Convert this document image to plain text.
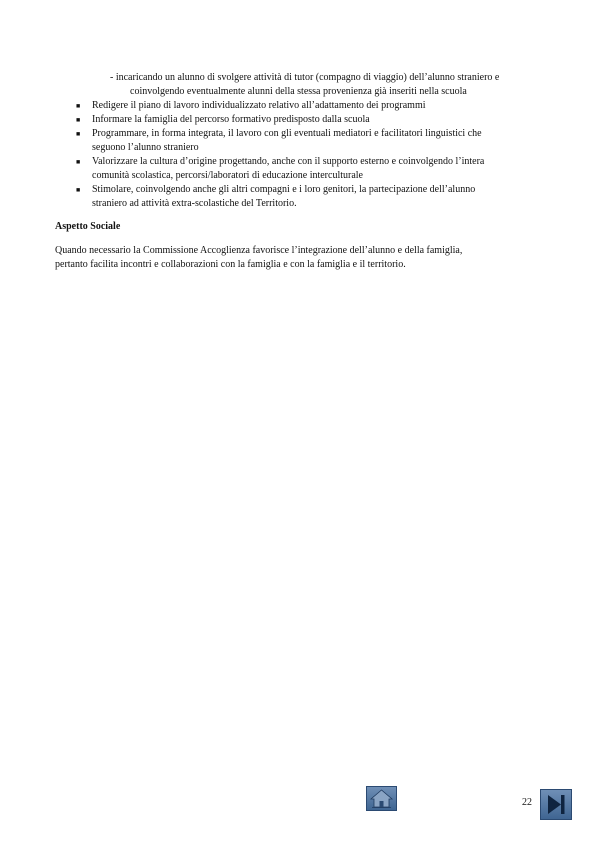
- incaricando un alunno di svolgere attività di tutor (compagno di viaggio) dell’alunno straniero e
coinvolgendo eventualmente alunni della stessa provenienza già inseriti nella scuola
■ Redigere il piano di lavoro individualizzato relativo all’adattamento dei programmi
■ Informare la famiglia del percorso formativo predisposto dalla scuola
■ Programmare, in forma integrata, il lavoro con gli eventuali mediatori e facilitatori linguistici che
seguono l’alunno straniero
■ Valorizzare la cultura d’origine progettando, anche con il supporto esterno e coinvolgendo l’intera
comunità scolastica, percorsi/laboratori di educazione interculturale
■ Stimolare, coinvolgendo anche gli altri compagni e i loro genitori, la partecipazione dell’alunno
straniero ad attività extra-scolastiche del Territorio.
Aspetto Sociale
Quando necessario la Commissione Accoglienza favorisce l’integrazione dell’alunno e della famiglia,
pertanto facilita incontri e collaborazioni con la famiglia e con la famiglia e il territorio.
22
